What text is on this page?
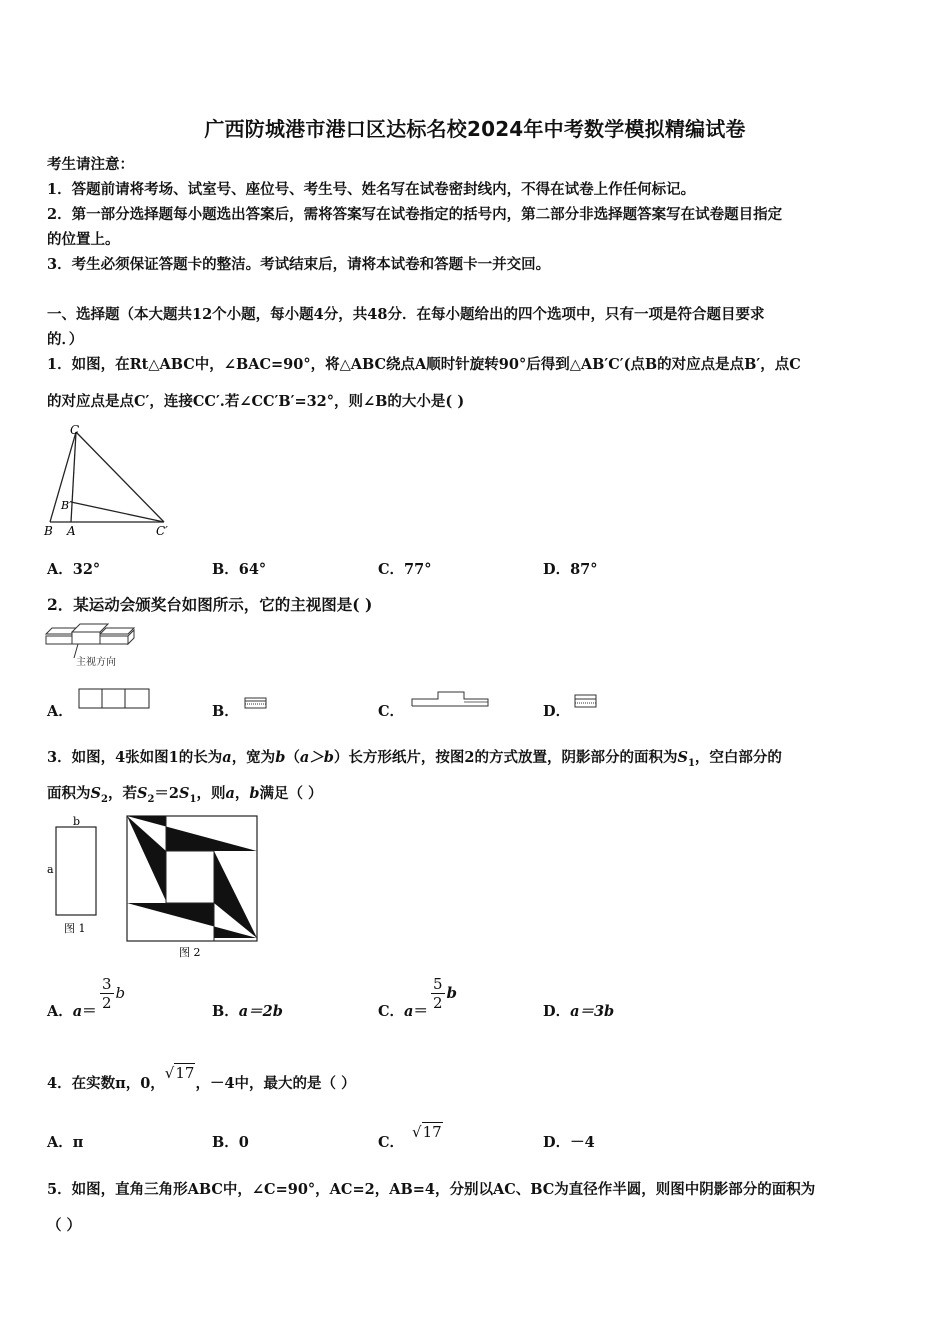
广西防城港市港口区达标名校2024年中考数学模拟精编试卷
考生请注意：
1．答题前请将考场、试室号、座位号、考生号、姓名写在试卷密封线内，不得在试卷上作任何标记。
2．第一部分选择题每小题选出答案后，需将答案写在试卷指定的括号内，第二部分非选择题答案写在试卷题目指定
的位置上。
3．考生必须保证答题卡的整洁。考试结束后，请将本试卷和答题卡一并交回。
一、选择题（本大题共12个小题，每小题4分，共48分．在每小题给出的四个选项中，只有一项是符合题目要求
的．）
1．如图，在Rt△ABC中，∠BAC=90°，将△ABC绕点A顺时针旋转90°后得到△AB′C′(点B的对应点是点B′，点C
的对应点是点C′，连接CC′.若∠CC′B′=32°，则∠B的大小是( )
C
B′
B A	C′
A．32°	B．64°	C．77°	D．87°
2．某运动会颁奖台如图所示，它的主视图是( )
主视方向
A．	B．	C．	D．
3．如图，4张如图1的长为a，宽为b（a＞b）长方形纸片，按图2的方式放置，阴影部分的面积为$S_1$，空白部分的
面积为$S_2$，若$S_2=2S_1$，则a，b满足（ ）
b
a
图 1
图 2
A．$a= \frac{3}{2}$ b
B．a＝2b	C．$a= \frac{5}{2}$ b
D．a＝3b
4．在实数π，0，√17，－4中，最大的是（ ）
A．π	B．0	C．√17
D．－4
5．如图，直角三角形ABC中，∠C=90°，AC=2，AB=4，分别以AC、BC为直径作半圆，则图中阴影部分的面积为
（ ）
